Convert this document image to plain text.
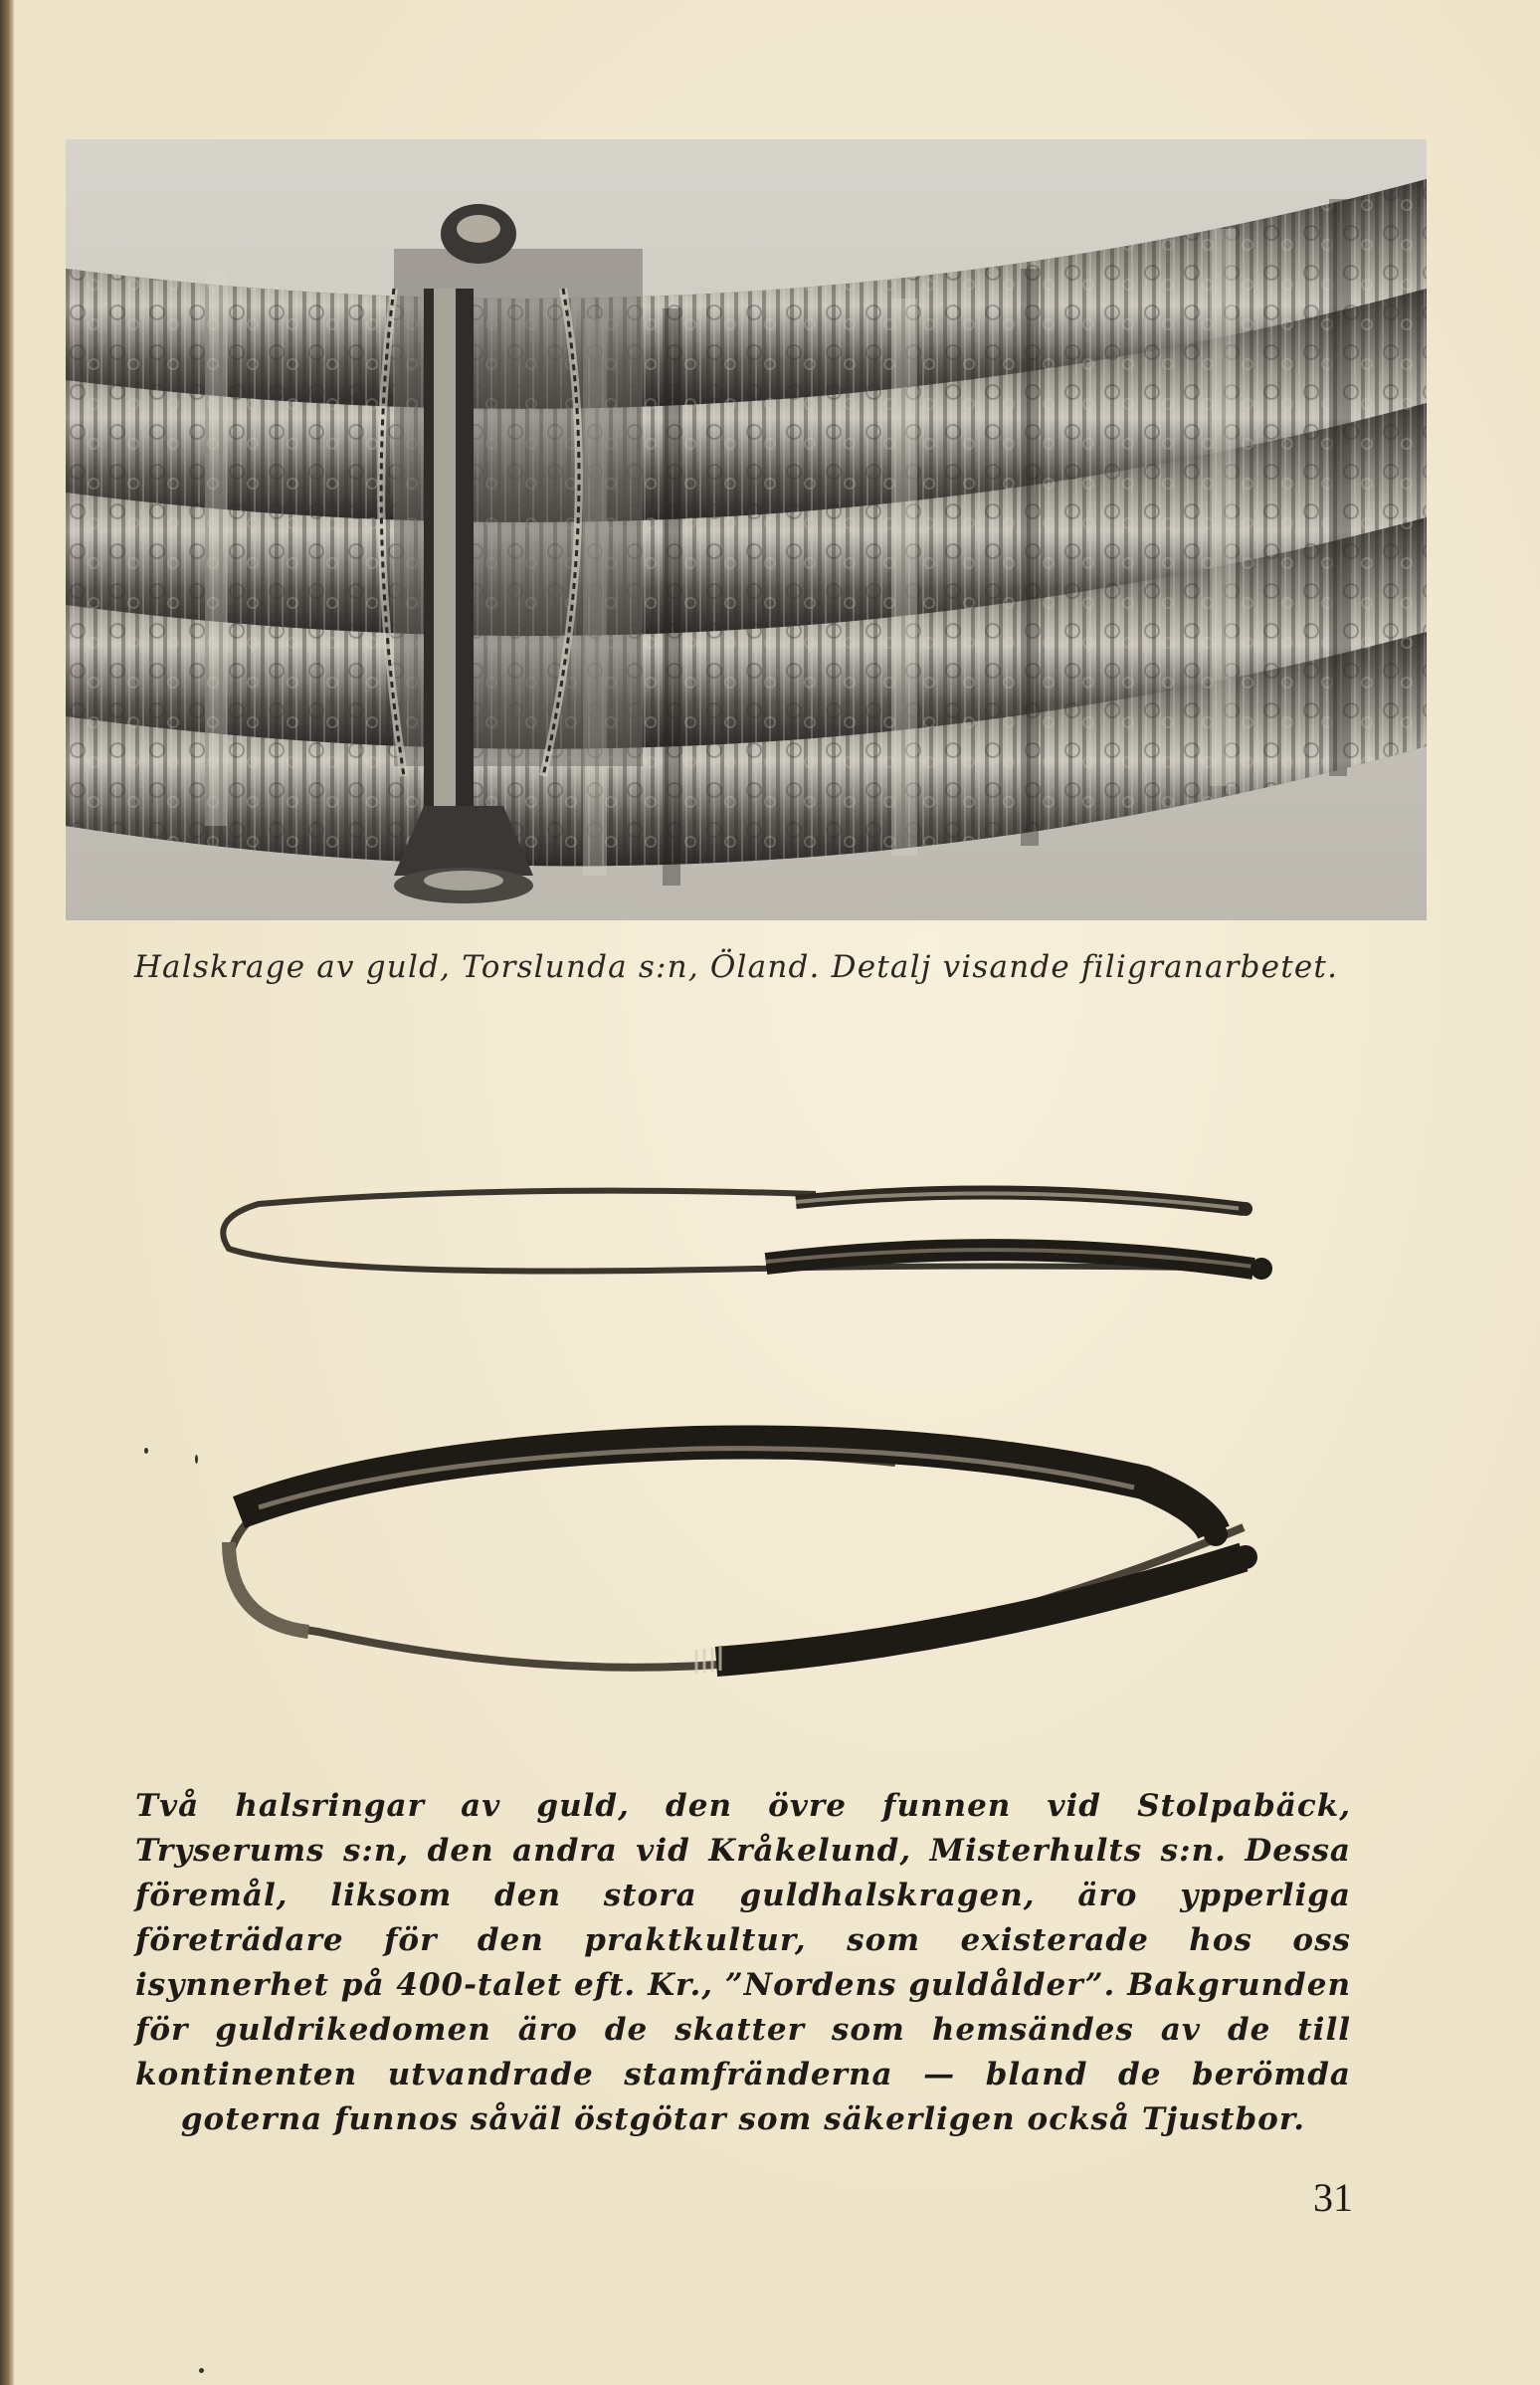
Halskrage av guld, Torslunda s:n, Öland. Detalj visande filigranarbetet.
Två halsringar av guld, den övre funnen vid Stolpabäck, Tryserums s:n, den andra vid Kråkelund, Misterhults s:n. Dessa föremål, liksom den stora guldhalskragen, äro ypperliga företrädare för den praktkultur, som existerade hos oss isynnerhet på 400-talet eft. Kr., ”Nordens guldålder”. Bakgrunden för guldrikedomen äro de skatter som hemsändes av de till kontinenten utvandrade stamfränderna — bland de berömda goterna funnos såväl östgötar som säkerligen också Tjustbor.
31
